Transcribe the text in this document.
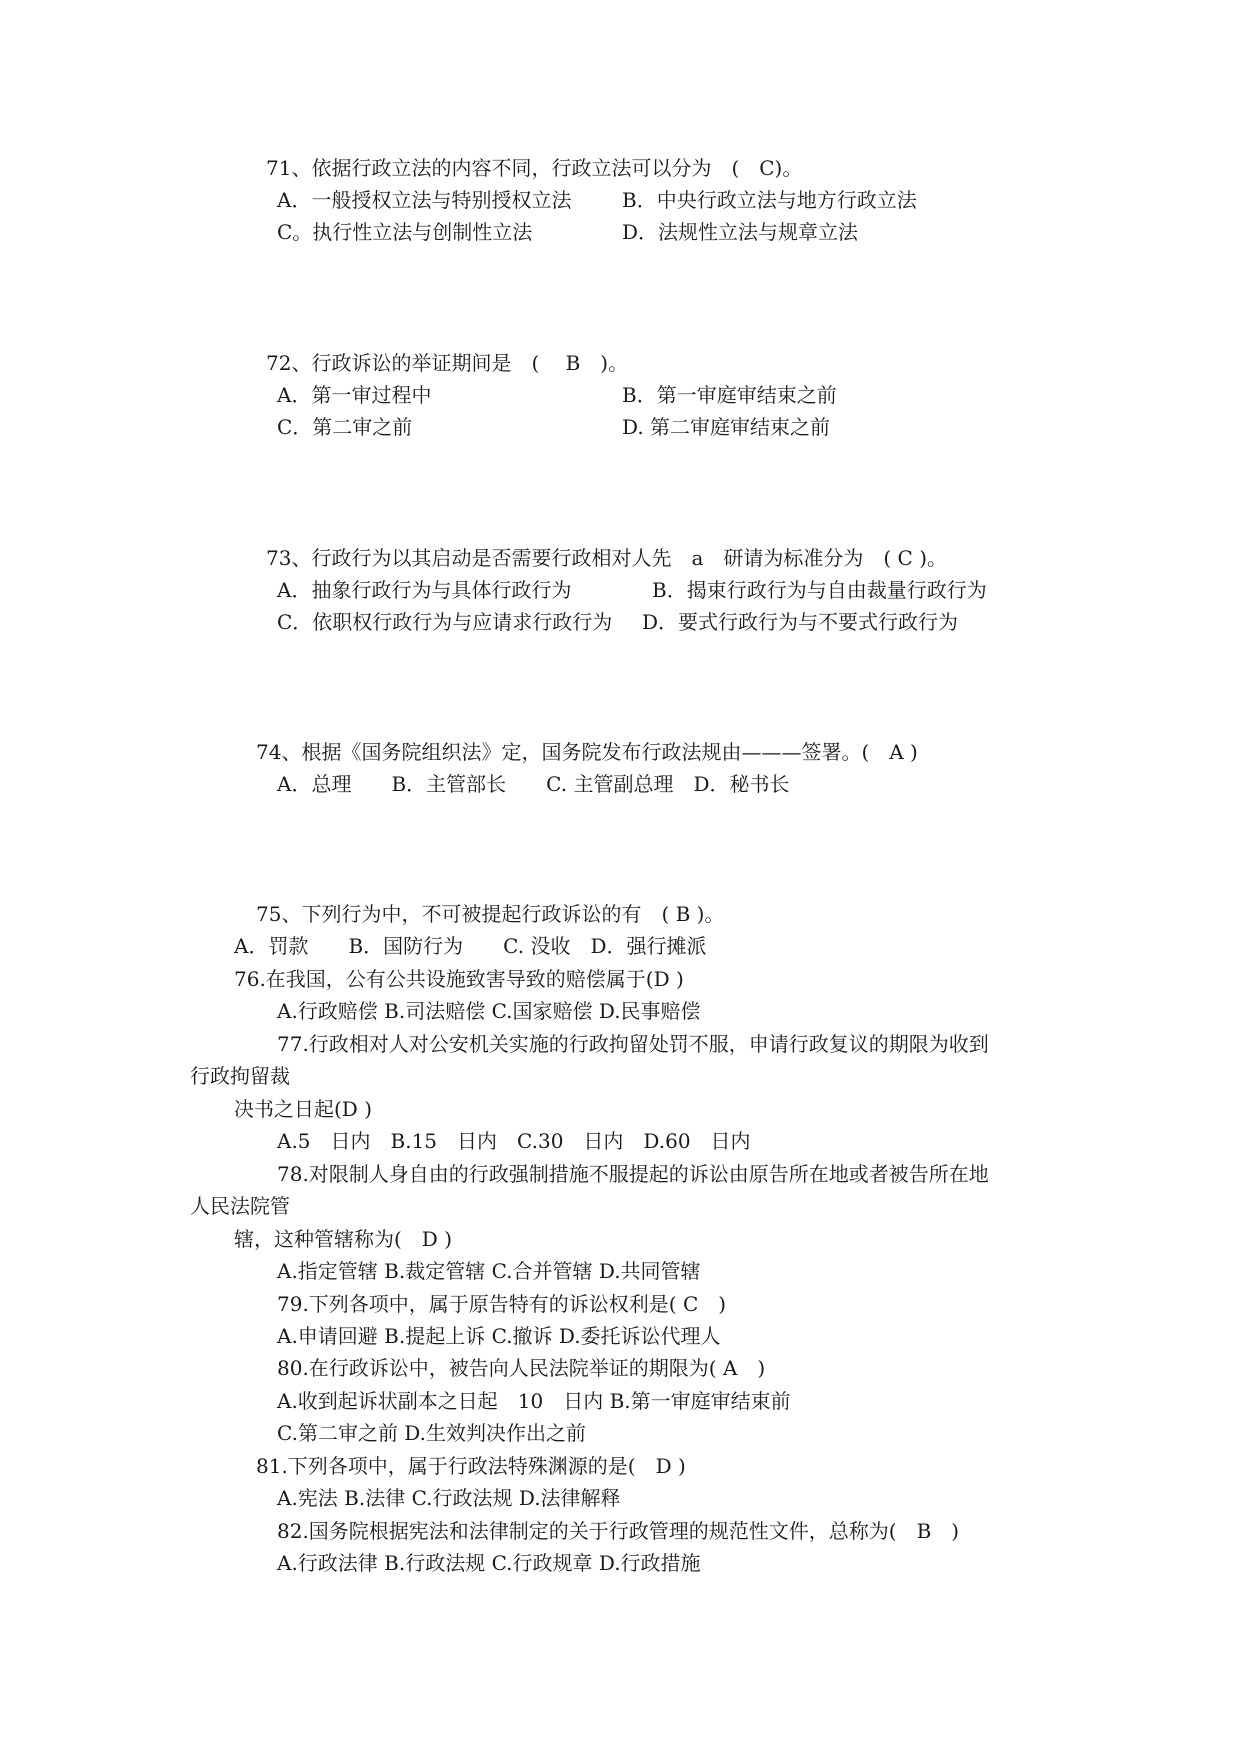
71、依据行政立法的内容不同，行政立法可以分为　(　C)。
A．一般授权立法与特别授权立法	B．中央行政立法与地方行政立法
C。执行性立法与创制性立法	D．法规性立法与规章立法
72、行政诉讼的举证期间是　(　 B　)。
A．第一审过程中	B．第一审庭审结束之前
C．第二审之前	D. 第二审庭审结束之前
73、行政行为以其启动是否需要行政相对人先　a　研请为标准分为　( C )。
A．抽象行政行为与具体行政行为	B．揭束行政行为与自由裁量行政行为
C．依职权行政行为与应请求行政行为 D．要式行政行为与不要式行政行为
74、根据《国务院组织法》定，国务院发布行政法规由———签署。(　A )
A．总理　　B．主管部长　　C. 主管副总理　D．秘书长
75、下列行为中，不可被提起行政诉讼的有　( B )。
A．罚款　　B．国防行为　　C. 没收　D．强行摊派
76.在我国，公有公共设施致害导致的赔偿属于(D )
A.行政赔偿 B.司法赔偿 C.国家赔偿 D.民事赔偿
77.行政相对人对公安机关实施的行政拘留处罚不服，申请行政复议的期限为收到
行政拘留裁
决书之日起(D )
A.5　日内　B.15　日内　C.30　日内　D.60　日内
78.对限制人身自由的行政强制措施不服提起的诉讼由原告所在地或者被告所在地
人民法院管
辖，这种管辖称为(　D )
A.指定管辖 B.裁定管辖 C.合并管辖 D.共同管辖
79.下列各项中，属于原告特有的诉讼权利是( C　)
A.申请回避 B.提起上诉 C.撤诉 D.委托诉讼代理人
80.在行政诉讼中，被告向人民法院举证的期限为( A　)
A.收到起诉状副本之日起　10　日内 B.第一审庭审结束前
C.第二审之前 D.生效判决作出之前
81.下列各项中，属于行政法特殊渊源的是(　D )
A.宪法 B.法律 C.行政法规 D.法律解释
82.国务院根据宪法和法律制定的关于行政管理的规范性文件，总称为(　B　)
A.行政法律 B.行政法规 C.行政规章 D.行政措施
